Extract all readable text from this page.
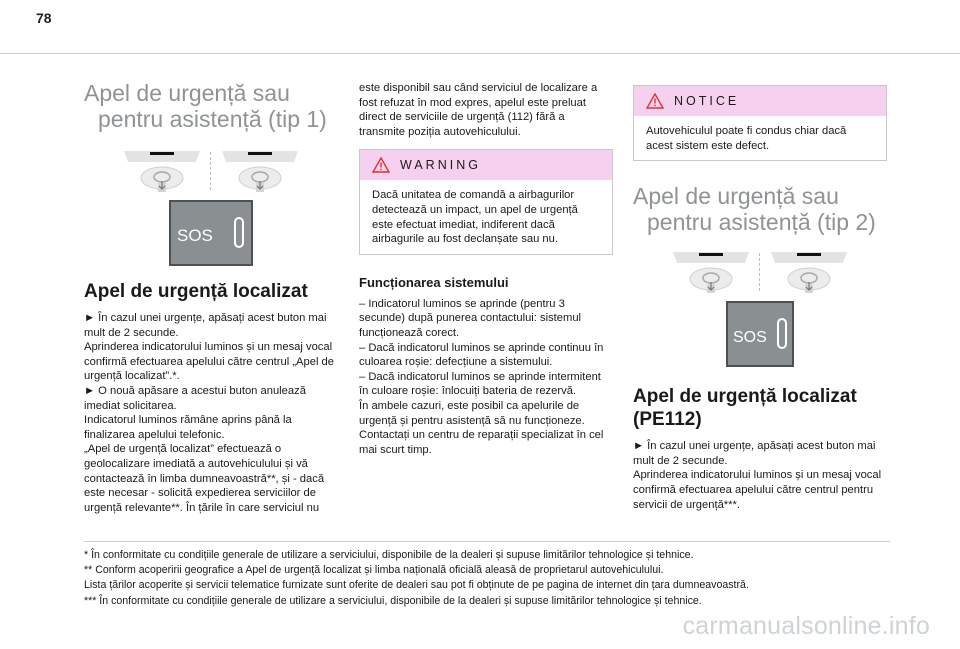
78
Apel de urgență sau
pentru asistență (tip 1)
SOS
Apel de urgență localizat

► În cazul unei urgențe, apăsați acest buton mai mult de 2 secunde.

Aprinderea indicatorului luminos și un mesaj vocal confirmă efectuarea apelului către centrul „Apel de urgență localizat”.*.

► O nouă apăsare a acestui buton anulează imediat solicitarea.

Indicatorul luminos rămâne aprins până la finalizarea apelului telefonic.

„Apel de urgență localizat” efectuează o geolocalizare imediată a autovehiculului și vă contactează în limba dumneavoastră**, și - dacă este necesar - solicită expedierea serviciilor de urgență relevante**. În țările în care serviciul nu

este disponibil sau când serviciul de localizare a fost refuzat în mod expres, apelul este preluat direct de serviciile de urgență (112) fără a transmite poziția autovehiculului.

WARNING

Dacă unitatea de comandă a airbagurilor detectează un impact, un apel de urgență este efectuat imediat, indiferent dacă airbagurile au fost declanșate sau nu.

Funcționarea sistemului

– Indicatorul luminos se aprinde (pentru 3 secunde) după punerea contactului: sistemul funcționează corect.

– Dacă indicatorul luminos se aprinde continuu în culoarea roșie: defecțiune a sistemului.

– Dacă indicatorul luminos se aprinde intermitent în culoare roșie: înlocuiți bateria de rezervă.

În ambele cazuri, este posibil ca apelurile de urgență și pentru asistență să nu funcționeze.

Contactați un centru de reparații specializat în cel mai scurt timp.

NOTICE

Autovehiculul poate fi condus chiar dacă acest sistem este defect.

Apel de urgență sau
pentru asistență (tip 2)
SOS
Apel de urgență localizat (PE112)

► În cazul unei urgențe, apăsați acest buton mai mult de 2 secunde.

Aprinderea indicatorului luminos și un mesaj vocal confirmă efectuarea apelului către centrul pentru servicii de urgență***.

* În conformitate cu condițiile generale de utilizare a serviciului, disponibile de la dealeri și supuse limitărilor tehnologice și tehnice.

** Conform acoperirii geografice a Apel de urgență localizat și limba națională oficială aleasă de proprietarul autovehiculului.

Lista țărilor acoperite și servicii telematice furnizate sunt oferite de dealeri sau pot fi obținute de pe pagina de internet din țara dumneavoastră.

*** În conformitate cu condițiile generale de utilizare a serviciului, disponibile de la dealeri și supuse limitărilor tehnologice și tehnice.

carmanualsonline.info
